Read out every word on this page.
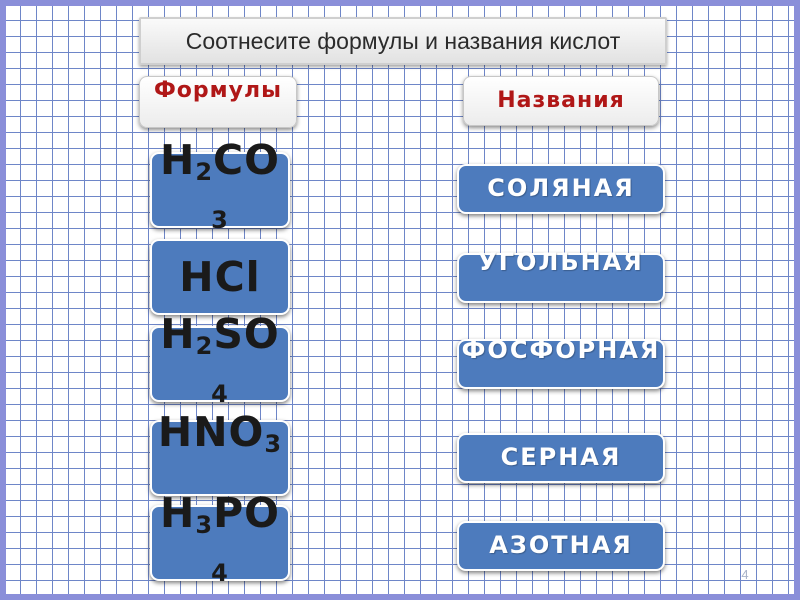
Соотнесите формулы и названия кислот
Формулы	Названия
$H_2CO_3$
HCl
$H_2SO_4$
$HNO_3$
$H_3PO_4$
СОЛЯНАЯ
УГОЛЬНАЯ
ФОСФОРНАЯ
СЕРНАЯ
АЗОТНАЯ
4
